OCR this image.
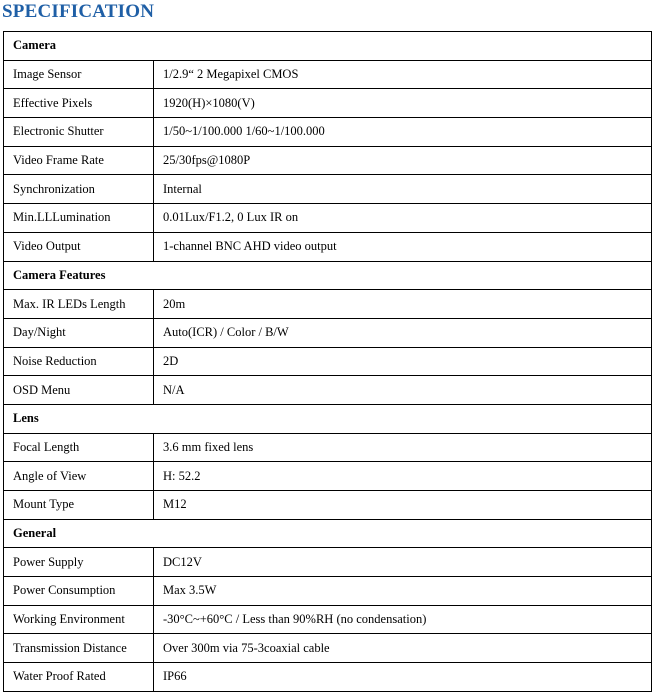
SPECIFICATION
Camera	
Image Sensor	1/2.9“ 2 Megapixel CMOS
Effective Pixels	1920(H)×1080(V)
Electronic Shutter	1/50~1/100.000 1/60~1/100.000
Video Frame Rate	25/30fps@1080P
Synchronization	Internal
Min.LLLumination	0.01Lux/F1.2, 0 Lux IR on
Video Output	1-channel BNC AHD video output
Camera Features	
Max. IR LEDs Length	20m
Day/Night	Auto(ICR) / Color / B/W
Noise Reduction	2D
OSD Menu	N/A
Lens	
Focal Length	3.6 mm fixed lens
Angle of View	H: 52.2
Mount Type	M12
General	
Power Supply	DC12V
Power Consumption	Max 3.5W
Working Environment	-30°C~+60°C / Less than 90%RH (no condensation)
Transmission Distance	Over 300m via 75-3coaxial cable
Water Proof Rated	IP66
